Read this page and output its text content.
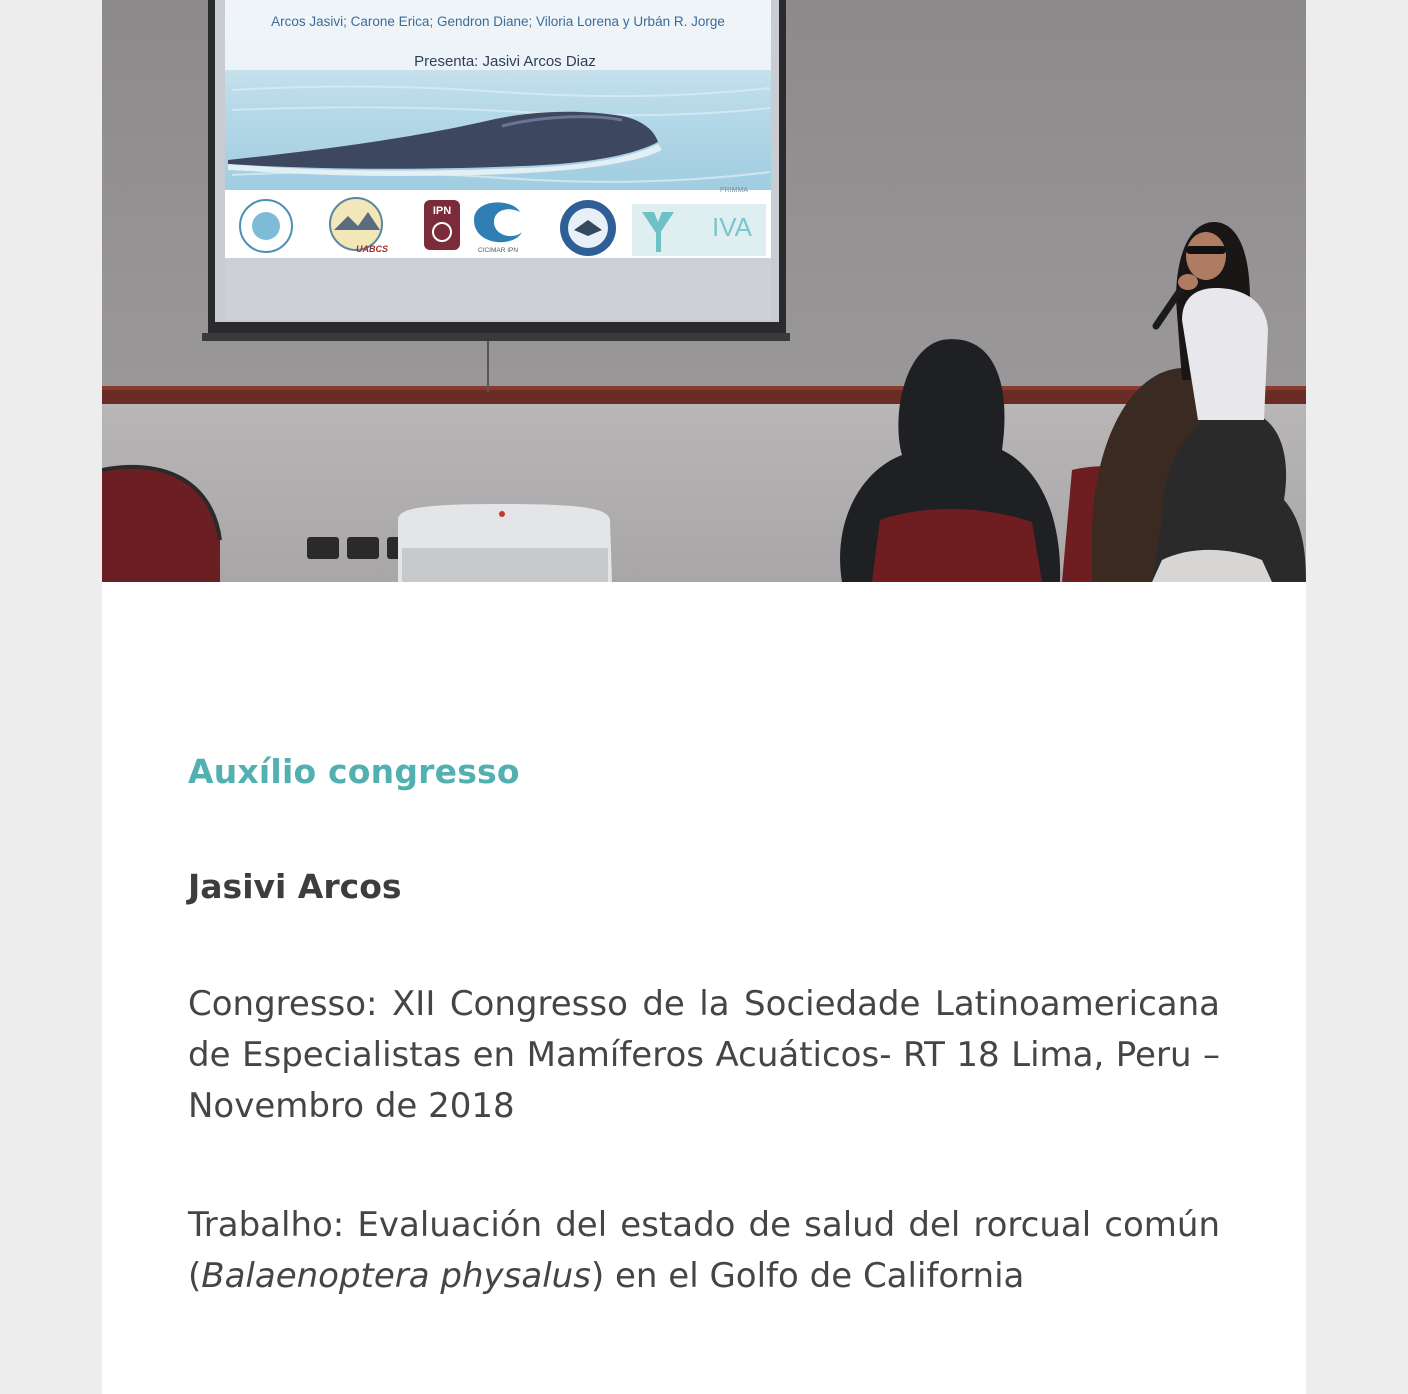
Arcos Jasivi; Carone Erica; Gendron Diane; Viloria Lorena y Urbán R. Jorge
Presenta: Jasivi Arcos Diaz
PRIMMA
UABCS
IPN
CICIMAR IPN
IVA
Auxílio congresso
Jasivi Arcos

Congresso: XII Congresso de la Sociedade Latinoamericana de Especialistas en Mamíferos Acuáticos- RT 18 Lima, Peru – Novembro de 2018

Trabalho: Evaluación del estado de salud del rorcual común (Balaenoptera physalus) en el Golfo de California
